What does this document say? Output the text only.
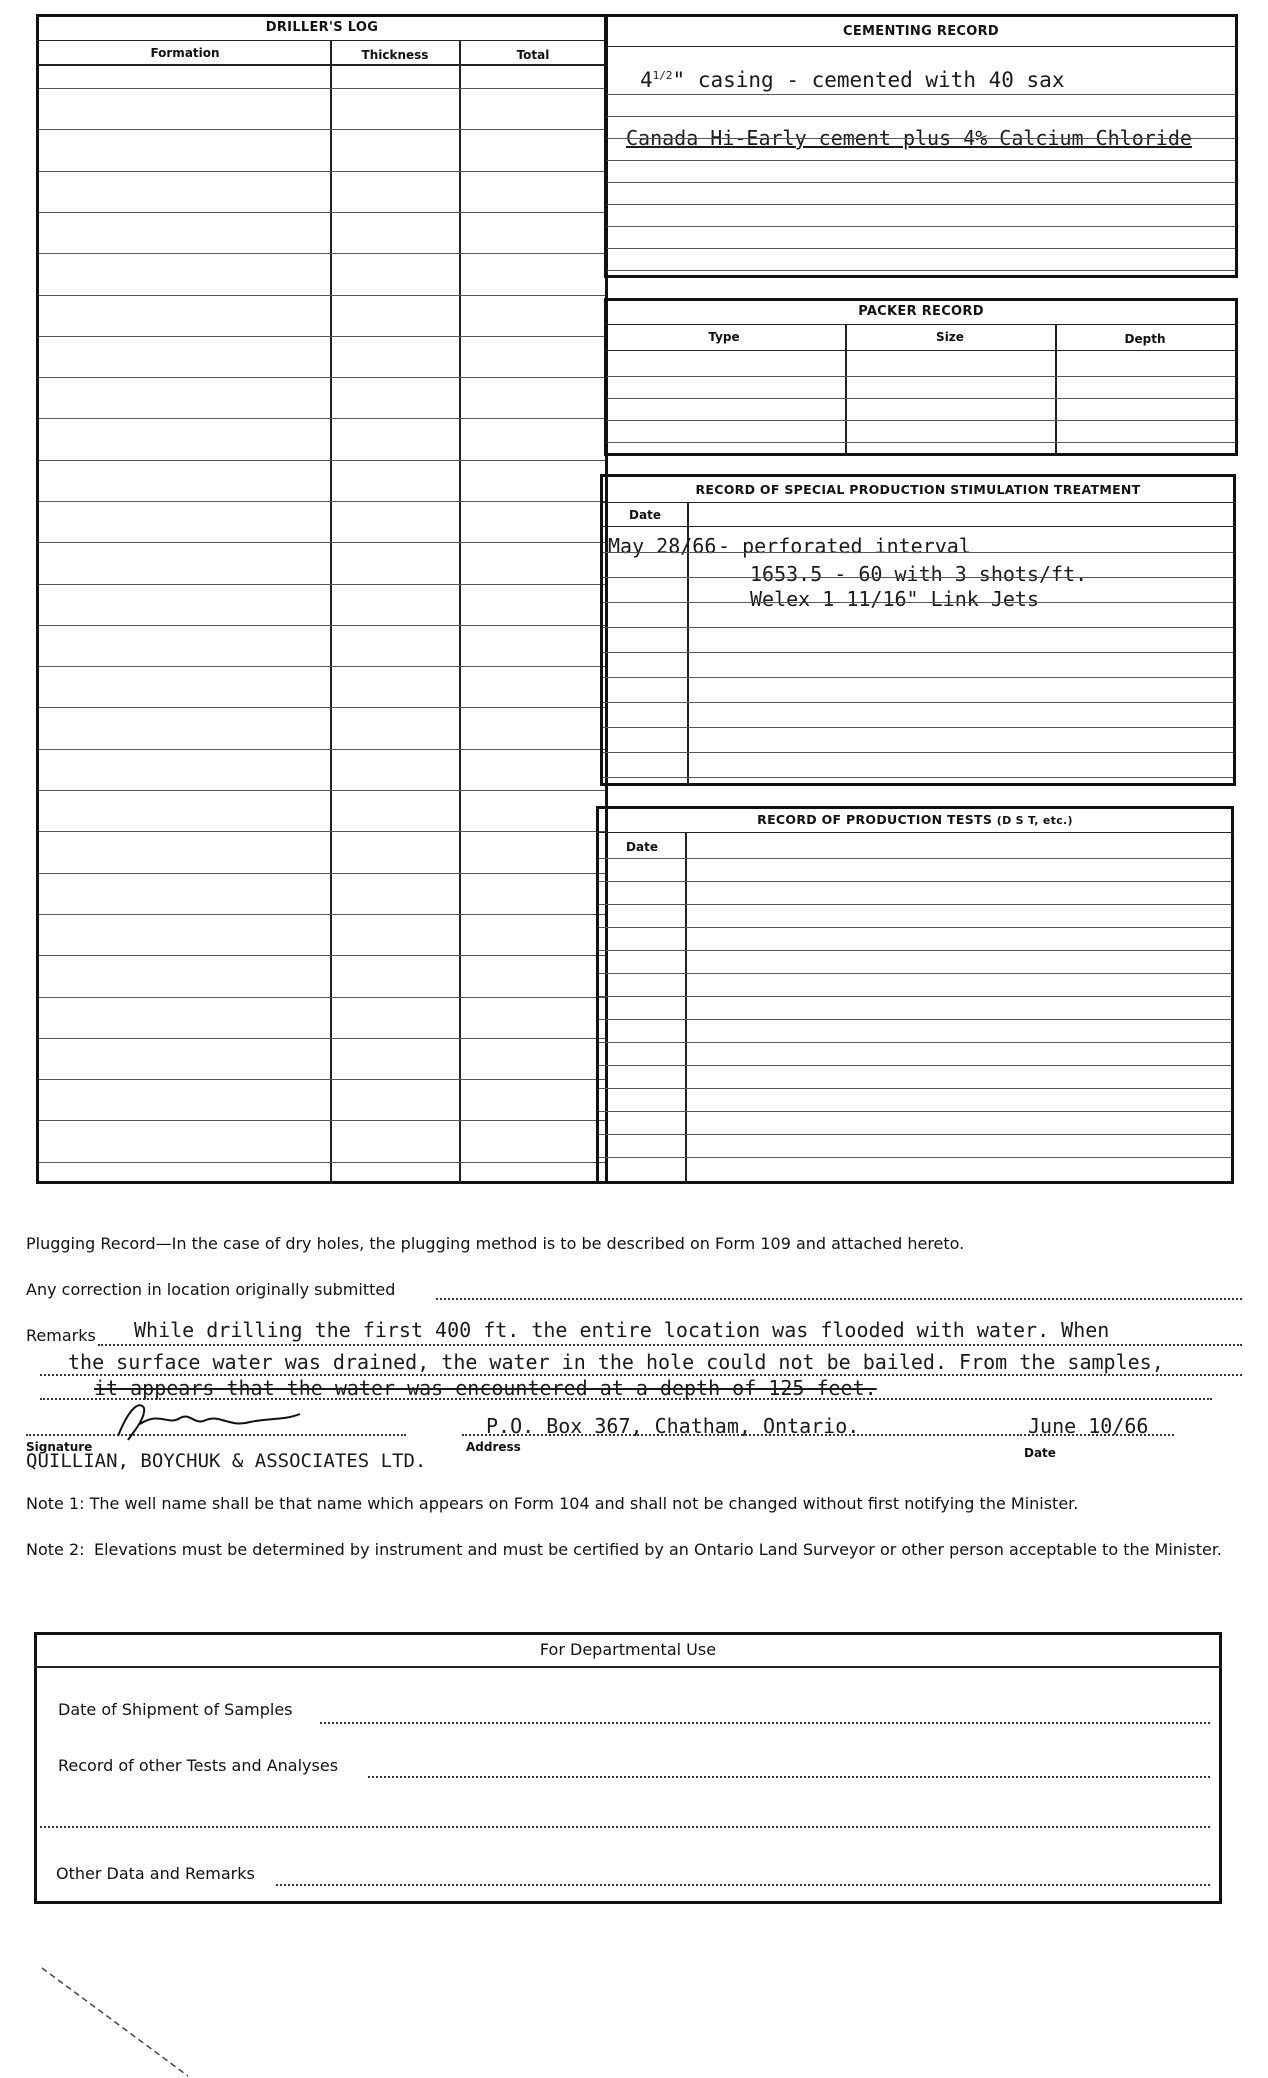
DRILLER'S LOG
Formation	Thickness	Total
CEMENTING RECORD
$4^{1/2}$" casing - cemented with 40 sax
Canada Hi-Early cement plus 4% Calcium Chloride
PACKER RECORD
Type	Size	Depth
RECORD OF SPECIAL PRODUCTION STIMULATION TREATMENT
Date
May 28/66 - perforated interval
1653.5 - 60 with 3 shots/ft.
Welex 1 11/16" Link Jets
RECORD OF PRODUCTION TESTS (D S T, etc.)
Date
Plugging Record—In the case of dry holes, the plugging method is to be described on Form 109 and attached hereto.
Any correction in location originally submitted
Remarks While drilling the first 400 ft. the entire location was flooded with water. When
the surface water was drained, the water in the hole could not be bailed. From the samples,
it appears that the water was encountered at a depth of 125 feet.
P.O. Box 367, Chatham, Ontario.	June 10/66
Signature	Address	Date
QUILLIAN, BOYCHUK & ASSOCIATES LTD.
Note 1: The well name shall be that name which appears on Form 104 and shall not be changed without first notifying the Minister.
Note 2: Elevations must be determined by instrument and must be certified by an Ontario Land Surveyor or other person acceptable to the Minister.
For Departmental Use
Date of Shipment of Samples
Record of other Tests and Analyses
Other Data and Remarks
